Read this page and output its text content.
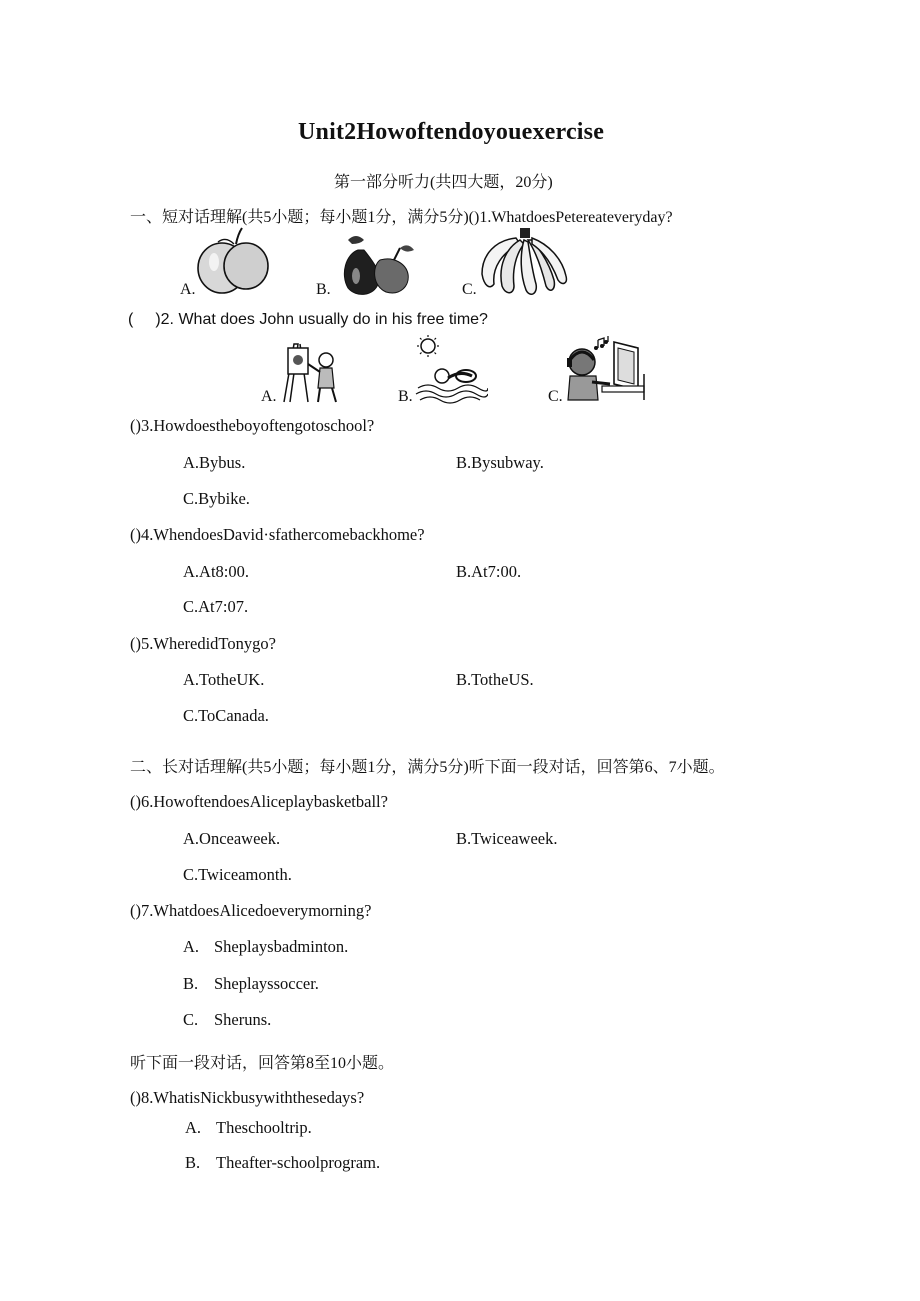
Unit2Howoftendoyouexercise
第一部分听力(共四大题，20分)
一、短对话理解(共5小题；每小题1分，满分5分)()1.WhatdoesPetereateveryday?
A.	B.	C.
( )2. What does John usually do in his free time?
A.	B.	C.
()3.Howdoestheboyoftengotoschool?
A.Bybus.	B.Bysubway.
C.Bybike.
()4.WhendoesDavid·sfathercomebackhome?
A.At8:00.	B.At7:00.
C.At7:07.
()5.WheredidTonygo?
A.TotheUK.	B.TotheUS.
C.ToCanada.
二、长对话理解(共5小题；每小题1分，满分5分)听下面一段对话，回答第6、7小题。
()6.HowoftendoesAliceplaybasketball?
A.Onceaweek.	B.Twiceaweek.
C.Twiceamonth.
()7.WhatdoesAlicedoeverymorning?
A. Sheplaysbadminton.
B. Sheplayssoccer.
C. Sheruns.
听下面一段对话，回答第8至10小题。
()8.WhatisNickbusywiththesedays?
A. Theschooltrip.
B. Theafter-schoolprogram.
